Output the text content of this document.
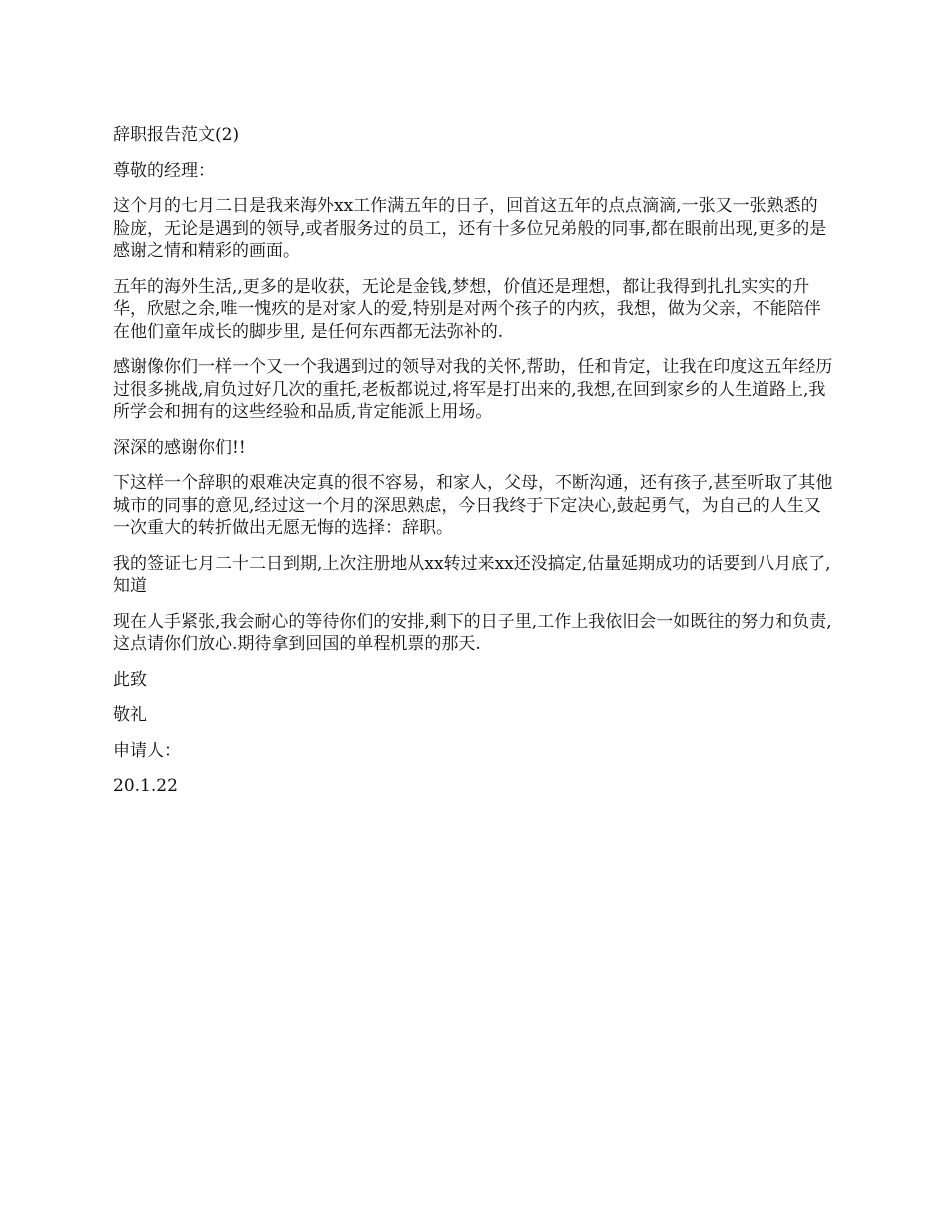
辞职报告范文(2)

尊敬的经理：

这个月的七月二日是我来海外xx工作满五年的日子，回首这五年的点点滴滴,一张又一张熟悉的脸庞，无论是遇到的领导,或者服务过的员工，还有十多位兄弟般的同事,都在眼前出现,更多的是感谢之情和精彩的画面。

五年的海外生活,,更多的是收获，无论是金钱,梦想，价值还是理想，都让我得到扎扎实实的升华，欣慰之余,唯一愧疚的是对家人的爱,特别是对两个孩子的内疚，我想，做为父亲，不能陪伴在他们童年成长的脚步里, 是任何东西都无法弥补的.

感谢像你们一样一个又一个我遇到过的领导对我的关怀,帮助，任和肯定，让我在印度这五年经历过很多挑战,肩负过好几次的重托,老板都说过,将军是打出来的,我想,在回到家乡的人生道路上,我所学会和拥有的这些经验和品质,肯定能派上用场。

深深的感谢你们!!

下这样一个辞职的艰难决定真的很不容易，和家人，父母，不断沟通，还有孩子,甚至听取了其他城市的同事的意见,经过这一个月的深思熟虑，今日我终于下定决心,鼓起勇气，为自己的人生又一次重大的转折做出无愿无悔的选择：辞职。

我的签证七月二十二日到期,上次注册地从xx转过来xx还没搞定,估量延期成功的话要到八月底了,知道

现在人手紧张,我会耐心的等待你们的安排,剩下的日子里,工作上我依旧会一如既往的努力和负责,这点请你们放心.期待拿到回国的单程机票的那天.

此致

敬礼

申请人：

20.1.22
